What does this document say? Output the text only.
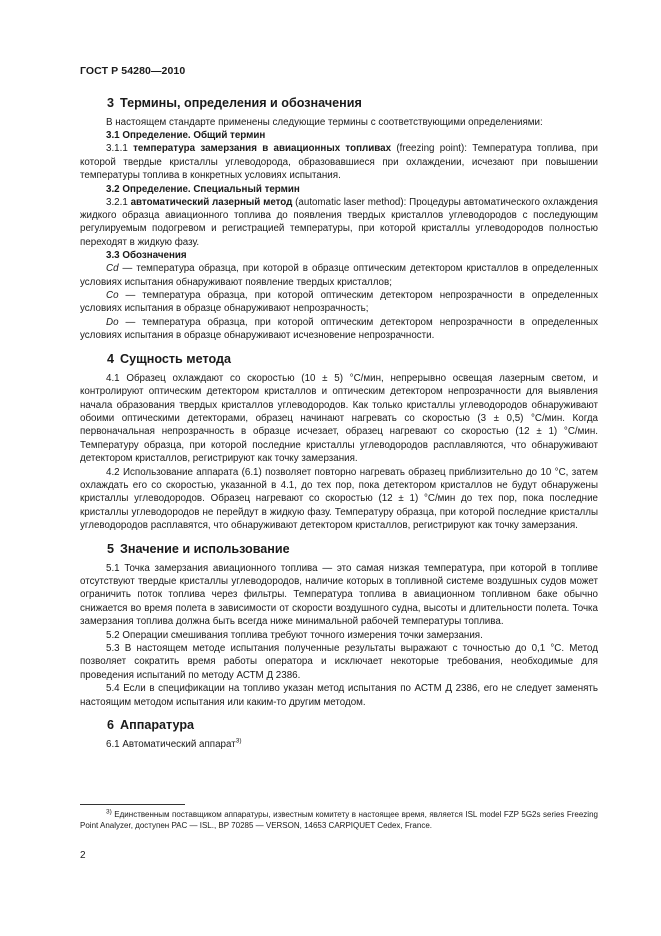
ГОСТ Р 54280—2010
3 Термины, определения и обозначения

В настоящем стандарте применены следующие термины с соответствующими определениями:

3.1 Определение. Общий термин

3.1.1 температура замерзания в авиационных топливах (freezing point): Температура топлива, при которой твердые кристаллы углеводорода, образовавшиеся при охлаждении, исчезают при повышении температуры топлива в конкретных условиях испытания.

3.2 Определение. Специальный термин

3.2.1 автоматический лазерный метод (automatic laser method): Процедуры автоматического охлаждения жидкого образца авиационного топлива до появления твердых кристаллов углеводородов с последующим регулируемым подогревом и регистрацией температуры, при которой кристаллы углеводородов полностью переходят в жидкую фазу.

3.3 Обозначения

Cd — температура образца, при которой в образце оптическим детектором кристаллов в определенных условиях испытания обнаруживают появление твердых кристаллов;

Co — температура образца, при которой оптическим детектором непрозрачности в определенных условиях испытания в образце обнаруживают непрозрачность;

Do — температура образца, при которой оптическим детектором непрозрачности в определенных условиях испытания в образце обнаруживают исчезновение непрозрачности.

4 Сущность метода

4.1 Образец охлаждают со скоростью (10 ± 5) °С/мин, непрерывно освещая лазерным светом, и контролируют оптическим детектором кристаллов и оптическим детектором непрозрачности для выявления начала образования твердых кристаллов углеводородов. Как только кристаллы углеводородов обнаруживают обоими оптическими детекторами, образец начинают нагревать со скоростью (3 ± 0,5) °С/мин. Когда первоначальная непрозрачность в образце исчезает, образец нагревают со скоростью (12 ± 1) °С/мин. Температуру образца, при которой последние кристаллы углеводородов расплавляются, что обнаруживают детектором кристаллов, регистрируют как точку замерзания.

4.2 Использование аппарата (6.1) позволяет повторно нагревать образец приблизительно до 10 °С, затем охлаждать его со скоростью, указанной в 4.1, до тех пор, пока детектором кристаллов не будут обнаружены кристаллы углеводородов. Образец нагревают со скоростью (12 ± 1) °С/мин до тех пор, пока последние кристаллы углеводородов не перейдут в жидкую фазу. Температуру образца, при которой последние кристаллы углеводородов расплавятся, что обнаруживают детектором кристаллов, регистрируют как точку замерзания.

5 Значение и использование

5.1 Точка замерзания авиационного топлива — это самая низкая температура, при которой в топливе отсутствуют твердые кристаллы углеводородов, наличие которых в топливной системе воздушных судов может ограничить поток топлива через фильтры. Температура топлива в авиационном топливном баке обычно снижается во время полета в зависимости от скорости воздушного судна, высоты и длительности полета. Точка замерзания топлива должна быть всегда ниже минимальной рабочей температуры топлива.

5.2 Операции смешивания топлива требуют точного измерения точки замерзания.

5.3 В настоящем методе испытания полученные результаты выражают с точностью до 0,1 °С. Метод позволяет сократить время работы оператора и исключает некоторые требования, необходимые для проведения испытаний по методу АСТМ Д 2386.

5.4 Если в спецификации на топливо указан метод испытания по АСТМ Д 2386, его не следует заменять настоящим методом испытания или каким-то другим методом.

6 Аппаратура

6.1 Автоматический аппарат$^{3)}$

$^{3)}$ Единственным поставщиком аппаратуры, известным комитету в настоящее время, является ISL model FZP 5G2s series Freezing Point Analyzer, доступен PAC — ISL., BP 70285 — VERSON, 14653 CARPIQUET Cedex, France.
2
